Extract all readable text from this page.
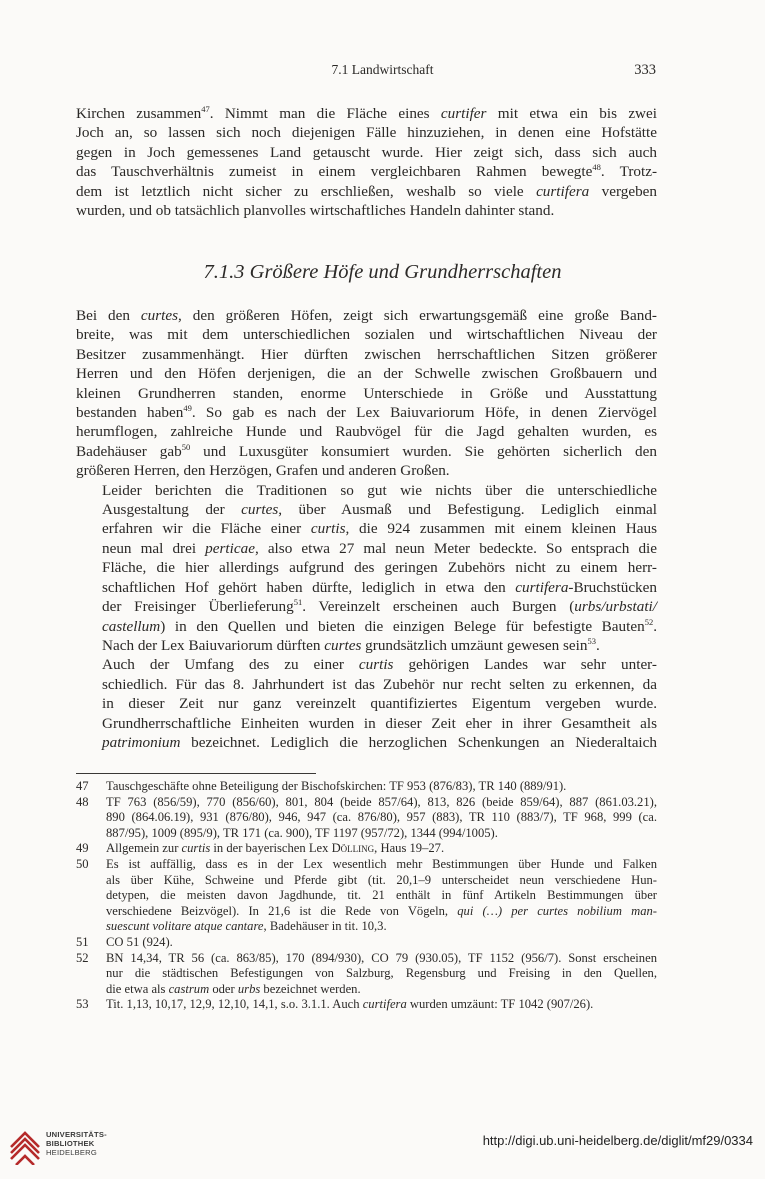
7.1 Landwirtschaft	333
Kirchen zusammen$^{47}$. Nimmt man die Fläche eines curtifer mit etwa ein bis zwei
Joch an, so lassen sich noch diejenigen Fälle hinzuziehen, in denen eine Hofstätte
gegen in Joch gemessenes Land getauscht wurde. Hier zeigt sich, dass sich auch
das Tauschverhältnis zumeist in einem vergleichbaren Rahmen bewegte$^{48}$. Trotz-
dem ist letztlich nicht sicher zu erschließen, weshalb so viele curtifera vergeben
wurden, und ob tatsächlich planvolles wirtschaftliches Handeln dahinter stand.
7.1.3 Größere Höfe und Grundherrschaften

Bei den curtes, den größeren Höfen, zeigt sich erwartungsgemäß eine große Band-
breite, was mit dem unterschiedlichen sozialen und wirtschaftlichen Niveau der
Besitzer zusammenhängt. Hier dürften zwischen herrschaftlichen Sitzen größerer
Herren und den Höfen derjenigen, die an der Schwelle zwischen Großbauern und
kleinen Grundherren standen, enorme Unterschiede in Größe und Ausstattung
bestanden haben$^{49}$. So gab es nach der Lex Baiuvariorum Höfe, in denen Ziervögel
herumflogen, zahlreiche Hunde und Raubvögel für die Jagd gehalten wurden, es
Badehäuser gab$^{50}$ und Luxusgüter konsumiert wurden. Sie gehörten sicherlich den
größeren Herren, den Herzögen, Grafen und anderen Großen.

Leider berichten die Traditionen so gut wie nichts über die unterschiedliche
Ausgestaltung der curtes, über Ausmaß und Befestigung. Lediglich einmal
erfahren wir die Fläche einer curtis, die 924 zusammen mit einem kleinen Haus
neun mal drei perticae, also etwa 27 mal neun Meter bedeckte. So entsprach die
Fläche, die hier allerdings aufgrund des geringen Zubehörs nicht zu einem herr-
schaftlichen Hof gehört haben dürfte, lediglich in etwa den curtifera-Bruchstücken
der Freisinger Überlieferung$^{51}$. Vereinzelt erscheinen auch Burgen (urbs/urbstati/
castellum) in den Quellen und bieten die einzigen Belege für befestigte Bauten$^{52}$.
Nach der Lex Baiuvariorum dürften curtes grundsätzlich umzäunt gewesen sein$^{53}$.

Auch der Umfang des zu einer curtis gehörigen Landes war sehr unter-
schiedlich. Für das 8. Jahrhundert ist das Zubehör nur recht selten zu erkennen, da
in dieser Zeit nur ganz vereinzelt quantifiziertes Eigentum vergeben wurde.
Grundherrschaftliche Einheiten wurden in dieser Zeit eher in ihrer Gesamtheit als
patrimonium bezeichnet. Lediglich die herzoglichen Schenkungen an Niederaltaich

47	Tauschgeschäfte ohne Beteiligung der Bischofskirchen: TF 953 (876/83), TR 140 (889/91).
48	TF 763 (856/59), 770 (856/60), 801, 804 (beide 857/64), 813, 826 (beide 859/64), 887 (861.03.21),
890 (864.06.19), 931 (876/80), 946, 947 (ca. 876/80), 957 (883), TR 110 (883/7), TF 968, 999 (ca.
887/95), 1009 (895/9), TR 171 (ca. 900), TF 1197 (957/72), 1344 (994/1005).
49	Allgemein zur curtis in der bayerischen Lex Dölling, Haus 19–27.
50	Es ist auffällig, dass es in der Lex wesentlich mehr Bestimmungen über Hunde und Falken
als über Kühe, Schweine und Pferde gibt (tit. 20,1–9 unterscheidet neun verschiedene Hun-
detypen, die meisten davon Jagdhunde, tit. 21 enthält in fünf Artikeln Bestimmungen über
verschiedene Beizvögel). In 21,6 ist die Rede von Vögeln, qui (…) per curtes nobilium man-
suescunt volitare atque cantare, Badehäuser in tit. 10,3.
51	CO 51 (924).
52	BN 14,34, TR 56 (ca. 863/85), 170 (894/930), CO 79 (930.05), TF 1152 (956/7). Sonst erscheinen
nur die städtischen Befestigungen von Salzburg, Regensburg und Freising in den Quellen,
die etwa als castrum oder urbs bezeichnet werden.
53	Tit. 1,13, 10,17, 12,9, 12,10, 14,1, s.o. 3.1.1. Auch curtifera wurden umzäunt: TF 1042 (907/26).
UNIVERSITÄTS-
BIBLIOTHEK
HEIDELBERG
http://digi.ub.uni-heidelberg.de/diglit/mf29/0334
